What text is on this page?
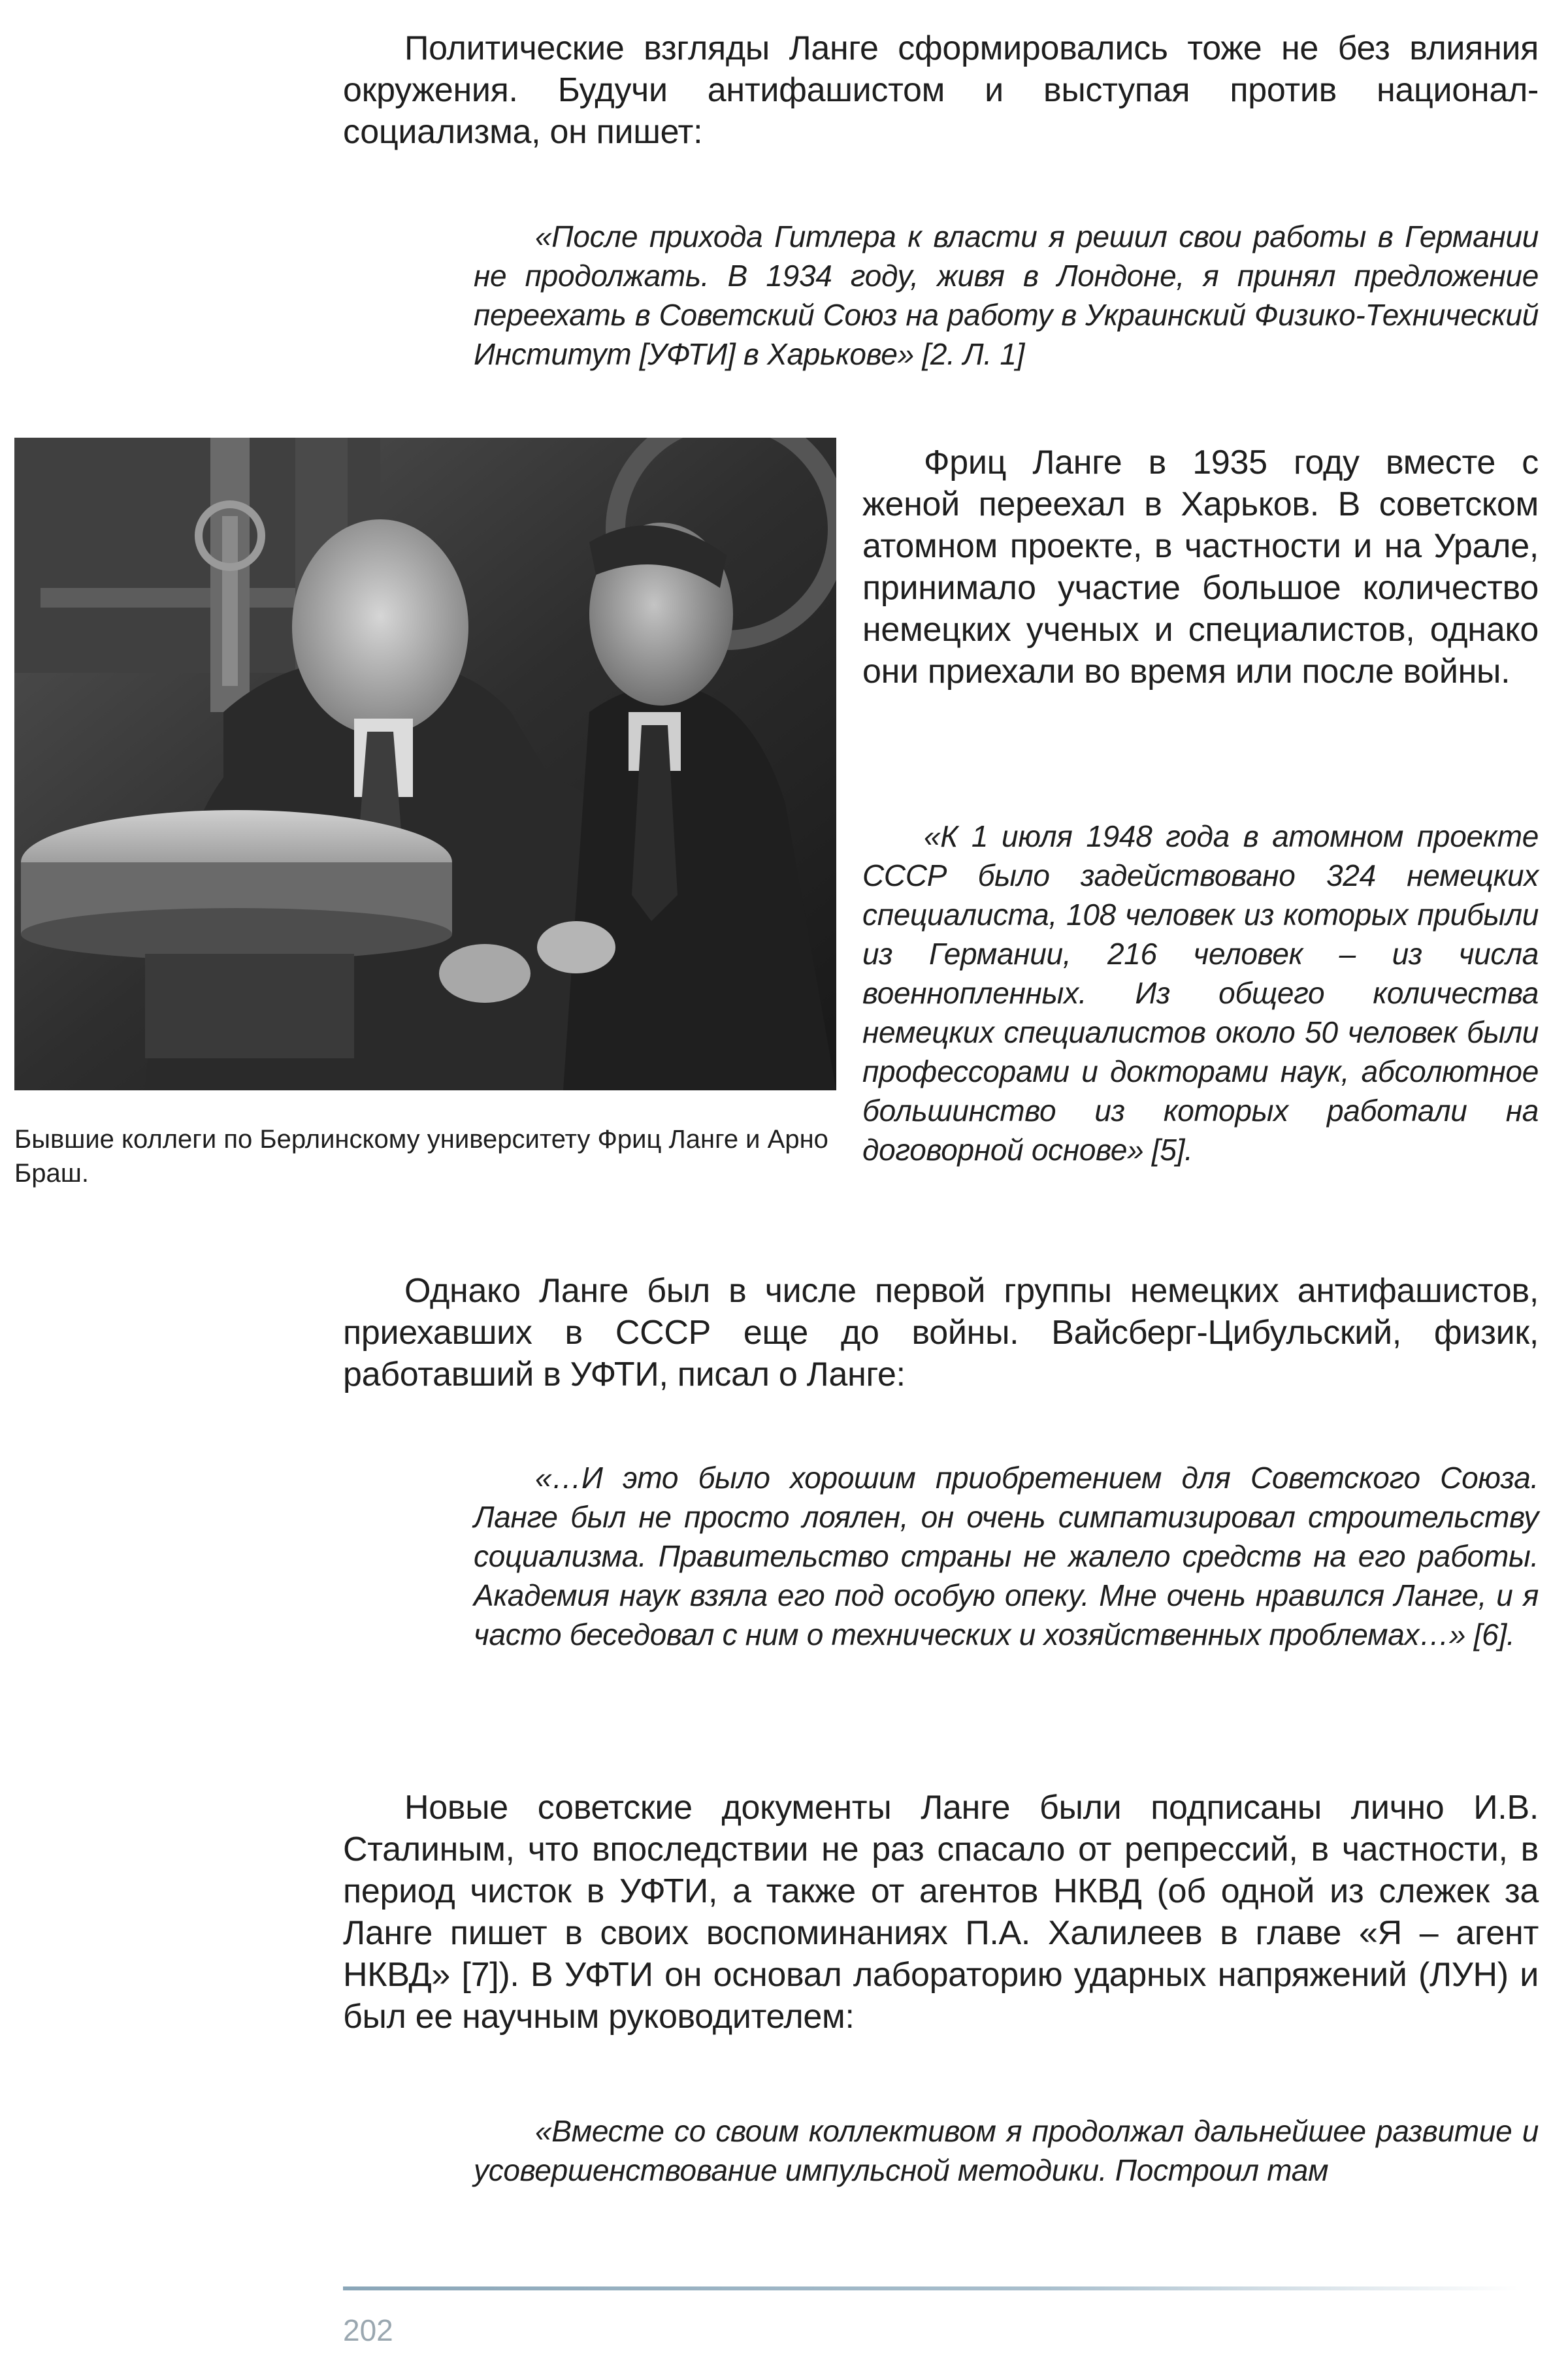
Политические взгляды Ланге сформировались тоже не без влияния окружения. Будучи антифашистом и выступая против национал-социализма, он пишет:

«После прихода Гитлера к власти я решил свои работы в Германии не продолжать. В 1934 году, живя в Лондоне, я принял предложение переехать в Советский Союз на работу в Украинский Физико-Технический Институт [УФТИ] в Харькове» [2. Л. 1]

Бывшие коллеги по Берлинскому университету Фриц Ланге и Арно Браш.

Фриц Ланге в 1935 году вместе с женой переехал в Харьков. В советском атомном проекте, в частности и на Урале, принимало участие большое количество немецких ученых и специалистов, однако они приехали во время или после войны.

«К 1 июля 1948 года в атомном проекте СССР было задействовано 324 немецких специалиста, 108 человек из которых прибыли из Германии, 216 человек – из числа военнопленных. Из общего количества немецких специалистов около 50 человек были профессорами и докторами наук, абсолютное большинство из которых работали на договорной основе» [5].

Однако Ланге был в числе первой группы немецких антифашистов, приехавших в СССР еще до войны. Вайсберг-Цибульский, физик, работавший в УФТИ, писал о Ланге:

«…И это было хорошим приобретением для Советского Союза. Ланге был не просто лоялен, он очень симпатизировал строительству социализма. Правительство страны не жалело средств на его работы. Академия наук взяла его под особую опеку. Мне очень нравился Ланге, и я часто беседовал с ним о технических и хозяйственных проблемах…» [6].

Новые советские документы Ланге были подписаны лично И.В. Сталиным, что впоследствии не раз спасало от репрессий, в частности, в период чисток в УФТИ, а также от агентов НКВД (об одной из слежек за Ланге пишет в своих воспоминаниях П.А. Халилеев в главе «Я – агент НКВД» [7]). В УФТИ он основал лабораторию ударных напряжений (ЛУН) и был ее научным руководителем:

«Вместе со своим коллективом я продолжал дальнейшее развитие и усовершенствование импульсной методики. Построил там

202
